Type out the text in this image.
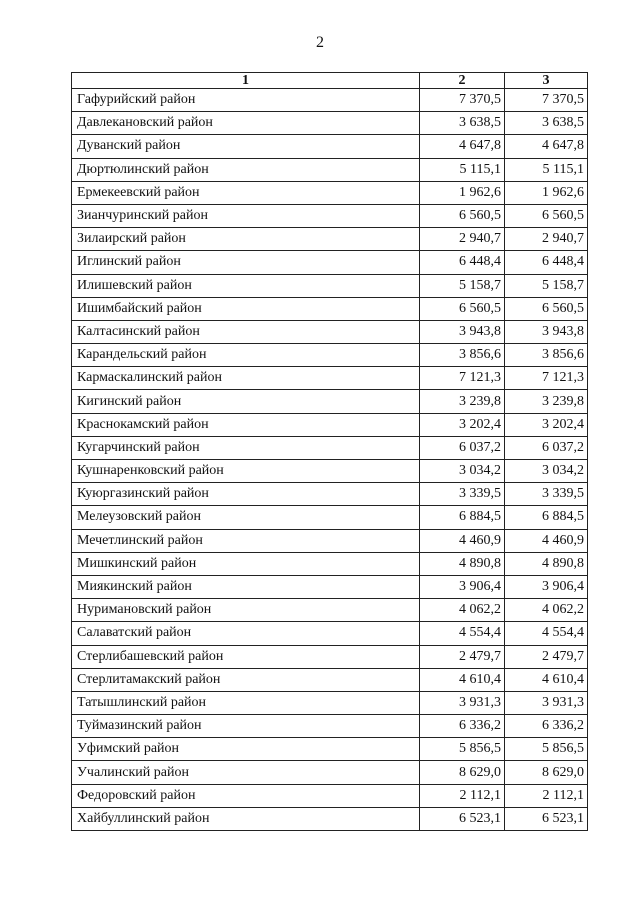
2
1	2	3
Гафурийский район	7 370,5	7 370,5
Давлекановский район	3 638,5	3 638,5
Дуванский район	4 647,8	4 647,8
Дюртюлинский район	5 115,1	5 115,1
Ермекеевский район	1 962,6	1 962,6
Зианчуринский район	6 560,5	6 560,5
Зилаирский район	2 940,7	2 940,7
Иглинский район	6 448,4	6 448,4
Илишевский район	5 158,7	5 158,7
Ишимбайский район	6 560,5	6 560,5
Калтасинский район	3 943,8	3 943,8
Карандельский район	3 856,6	3 856,6
Кармаскалинский район	7 121,3	7 121,3
Кигинский район	3 239,8	3 239,8
Краснокамский район	3 202,4	3 202,4
Кугарчинский район	6 037,2	6 037,2
Кушнаренковский район	3 034,2	3 034,2
Куюргазинский район	3 339,5	3 339,5
Мелеузовский район	6 884,5	6 884,5
Мечетлинский район	4 460,9	4 460,9
Мишкинский район	4 890,8	4 890,8
Миякинский район	3 906,4	3 906,4
Нуримановский район	4 062,2	4 062,2
Салаватский район	4 554,4	4 554,4
Стерлибашевский район	2 479,7	2 479,7
Стерлитамакский район	4 610,4	4 610,4
Татышлинский район	3 931,3	3 931,3
Туймазинский район	6 336,2	6 336,2
Уфимский район	5 856,5	5 856,5
Учалинский район	8 629,0	8 629,0
Федоровский район	2 112,1	2 112,1
Хайбуллинский район	6 523,1	6 523,1
